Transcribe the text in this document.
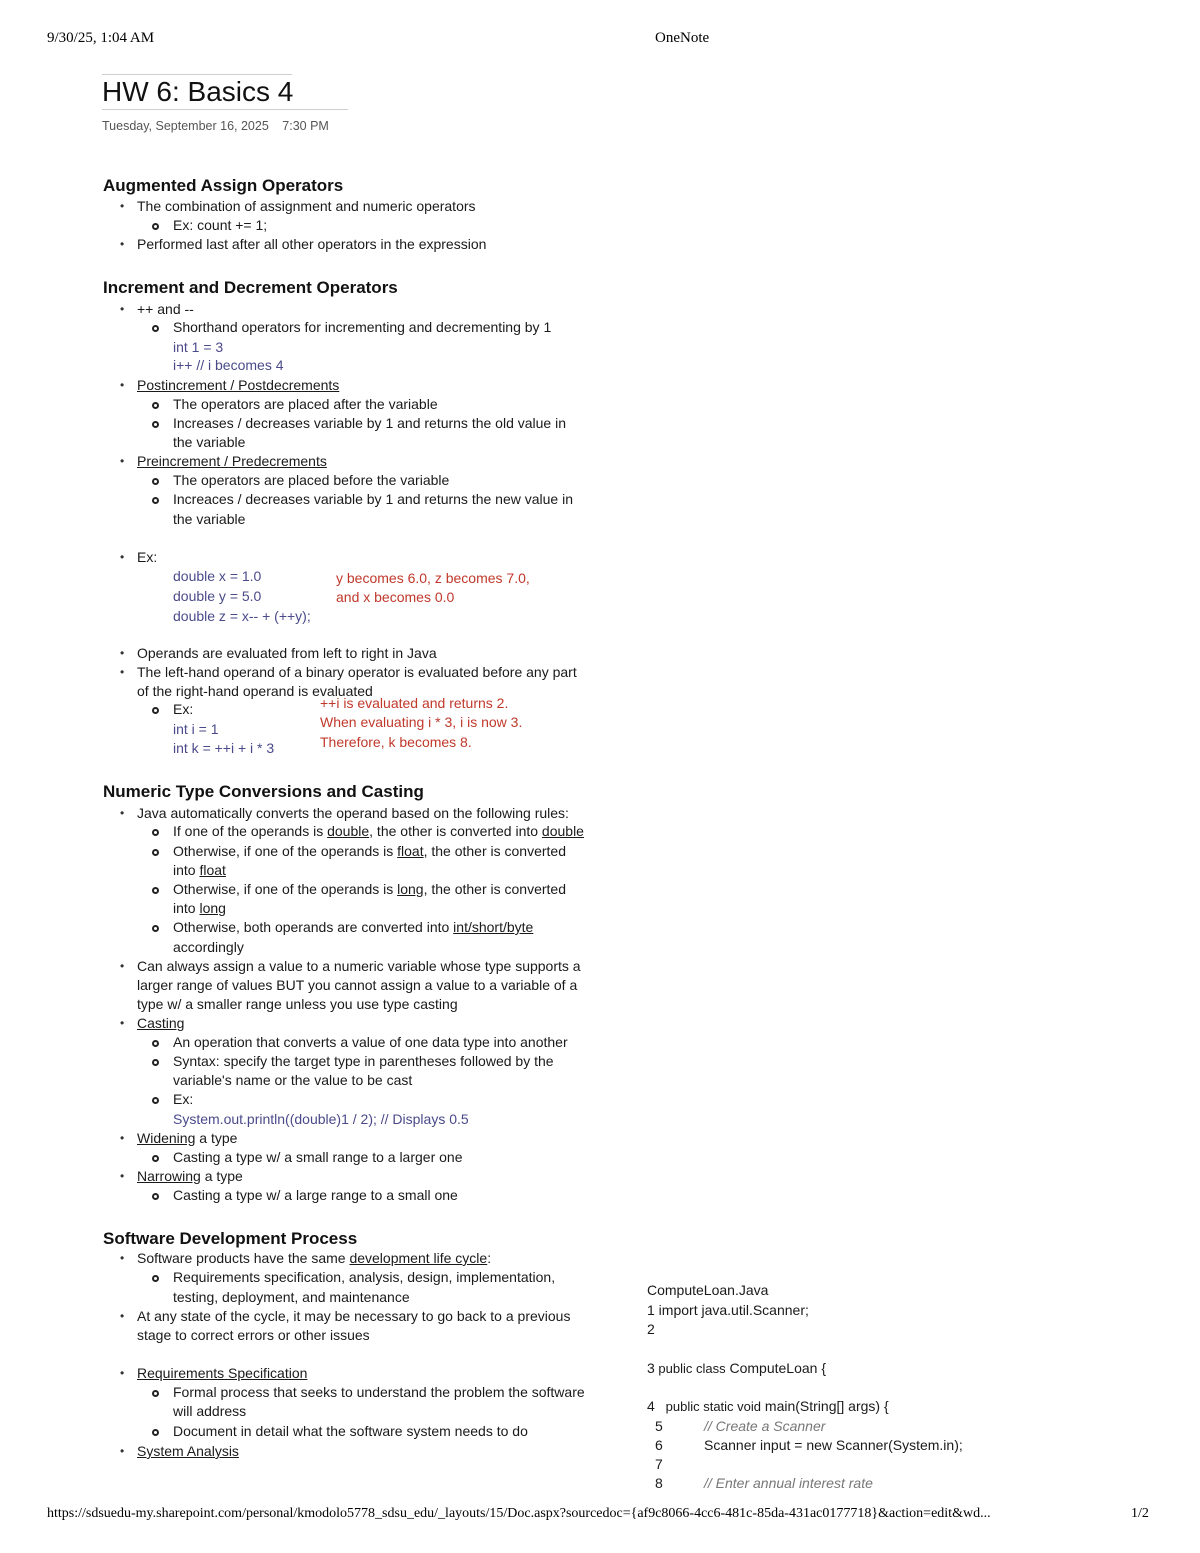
9/30/25, 1:04 AM	OneNote
HW 6: Basics 4
Tuesday, September 16, 2025 7:30 PM
Augmented Assign Operators
• The combination of assignment and numeric operators
Ex: count += 1;
• Performed last after all other operators in the expression
Increment and Decrement Operators
• ++ and --
Shorthand operators for incrementing and decrementing by 1
int 1 = 3
i++ // i becomes 4
• Postincrement / Postdecrements
The operators are placed after the variable
Increases / decreases variable by 1 and returns the old value in
the variable
• Preincrement / Predecrements
The operators are placed before the variable
Increaces / decreases variable by 1 and returns the new value in
the variable
• Ex:
double x = 1.0
double y = 5.0
double z = x-- + (++y);
y becomes 6.0, z becomes 7.0,
and x becomes 0.0
• Operands are evaluated from left to right in Java
• The left-hand operand of a binary operator is evaluated before any part
of the right-hand operand is evaluated
Ex:
int i = 1
int k = ++i + i * 3
++i is evaluated and returns 2.
When evaluating i * 3, i is now 3.
Therefore, k becomes 8.
Numeric Type Conversions and Casting
• Java automatically converts the operand based on the following rules:
If one of the operands is double, the other is converted into double
Otherwise, if one of the operands is float, the other is converted
into float
Otherwise, if one of the operands is long, the other is converted
into long
Otherwise, both operands are converted into int/short/byte
accordingly
• Can always assign a value to a numeric variable whose type supports a
larger range of values BUT you cannot assign a value to a variable of a
type w/ a smaller range unless you use type casting
• Casting
An operation that converts a value of one data type into another
Syntax: specify the target type in parentheses followed by the
variable's name or the value to be cast
Ex:
System.out.println((double)1 / 2); // Displays 0.5
• Widening a type
Casting a type w/ a small range to a larger one
• Narrowing a type
Casting a type w/ a large range to a small one
Software Development Process
• Software products have the same development life cycle:
Requirements specification, analysis, design, implementation,
testing, deployment, and maintenance
• At any state of the cycle, it may be necessary to go back to a previous
stage to correct errors or other issues
• Requirements Specification
Formal process that seeks to understand the problem the software
will address
Document in detail what the software system needs to do
• System Analysis
ComputeLoan.Java
1 import java.util.Scanner;
2
3 public class ComputeLoan {
4   public static void main(String[] args) {
5	// Create a Scanner
6	Scanner input = new Scanner(System.in);
7
8	// Enter annual interest rate
https://sdsuedu-my.sharepoint.com/personal/kmodolo5778_sdsu_edu/_layouts/15/Doc.aspx?sourcedoc={af9c8066-4cc6-481c-85da-431ac0177718}&action=edit&wd...	1/2
